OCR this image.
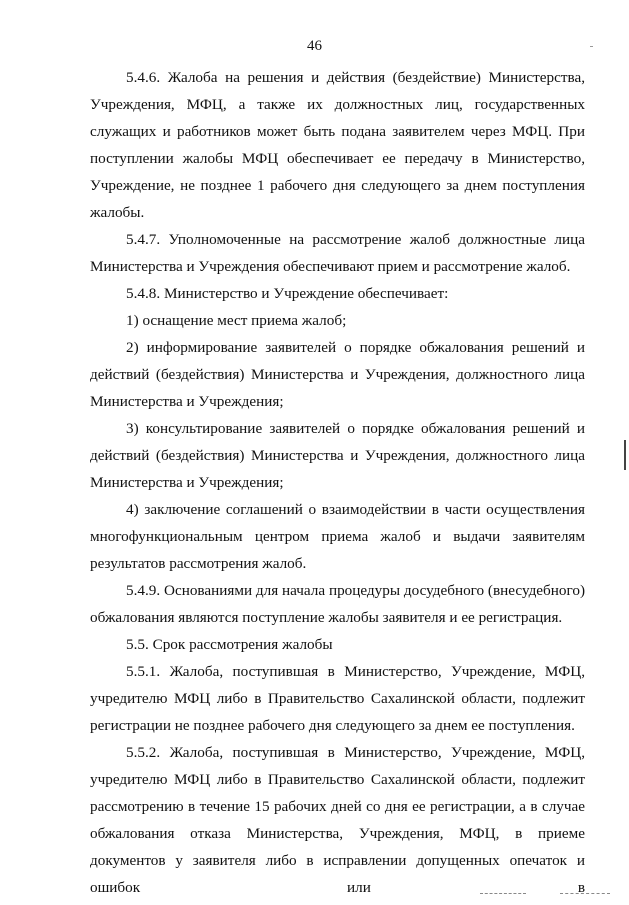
46

5.4.6. Жалоба на решения и действия (бездействие) Министерства, Учреждения, МФЦ, а также их должностных лиц, государственных служащих и работников может быть подана заявителем через МФЦ. При поступлении жалобы МФЦ обеспечивает ее передачу в Министерство, Учреждение, не позднее 1 рабочего дня следующего за днем поступления жалобы.

5.4.7. Уполномоченные на рассмотрение жалоб должностные лица Министерства и Учреждения обеспечивают прием и рассмотрение жалоб.

5.4.8. Министерство и Учреждение обеспечивает:

1) оснащение мест приема жалоб;

2) информирование заявителей о порядке обжалования решений и действий (бездействия) Министерства и Учреждения, должностного лица Министерства и Учреждения;

3) консультирование заявителей о порядке обжалования решений и действий (бездействия) Министерства и Учреждения, должностного лица Министерства и Учреждения;

4) заключение соглашений о взаимодействии в части осуществления многофункциональным центром приема жалоб и выдачи заявителям результатов рассмотрения жалоб.

5.4.9. Основаниями для начала процедуры досудебного (внесудебного) обжалования являются поступление жалобы заявителя и ее регистрация.

5.5. Срок рассмотрения жалобы

5.5.1. Жалоба, поступившая в Министерство, Учреждение, МФЦ, учредителю МФЦ либо в Правительство Сахалинской области, подлежит регистрации не позднее рабочего дня следующего за днем ее поступления.

5.5.2. Жалоба, поступившая в Министерство, Учреждение, МФЦ, учредителю МФЦ либо в Правительство Сахалинской области, подлежит рассмотрению в течение 15 рабочих дней со дня ее регистрации, а в случае обжалования отказа Министерства, Учреждения, МФЦ, в приеме документов у заявителя либо в исправлении допущенных опечаток и ошибок или в
